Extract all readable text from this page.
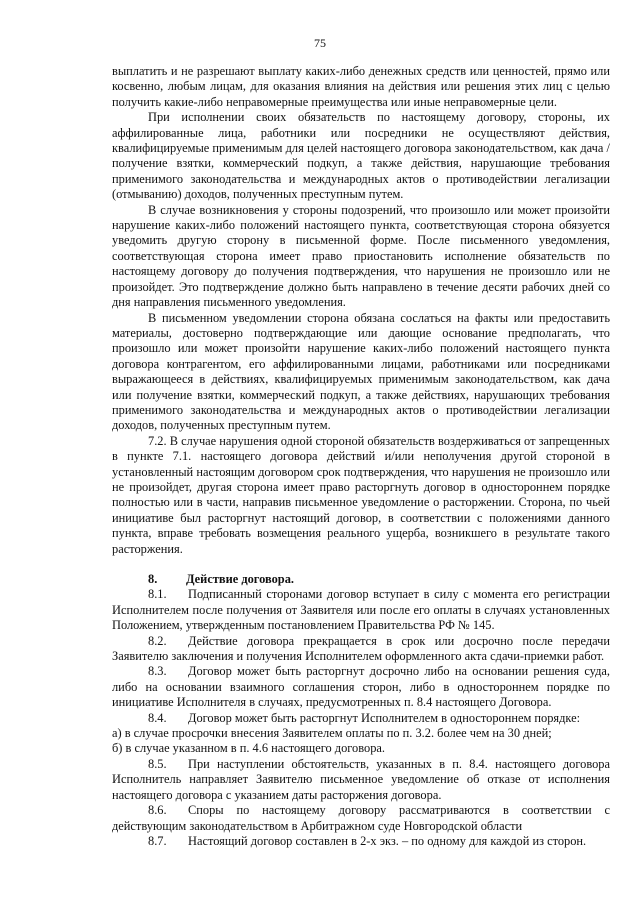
75

выплатить и не разрешают выплату каких-либо денежных средств или ценностей, прямо или косвенно, любым лицам, для оказания влияния на действия или решения этих лиц с целью получить какие-либо неправомерные преимущества или иные неправомерные цели.

При исполнении своих обязательств по настоящему договору, стороны, их аффилированные лица, работники или посредники не осуществляют действия, квалифицируемые применимым для целей настоящего договора законодательством, как дача / получение взятки, коммерческий подкуп, а также действия, нарушающие требования применимого законодательства и международных актов о противодействии легализации (отмыванию) доходов, полученных преступным путем.

В случае возникновения у стороны подозрений, что произошло или может произойти нарушение каких-либо положений настоящего пункта, соответствующая сторона обязуется уведомить другую сторону в письменной форме. После письменного уведомления, соответствующая сторона имеет право приостановить исполнение обязательств по настоящему договору до получения подтверждения, что нарушения не произошло или не произойдет. Это подтверждение должно быть направлено в течение десяти рабочих дней со дня направления письменного уведомления.

В письменном уведомлении сторона обязана сослаться на факты или предоставить материалы, достоверно подтверждающие или дающие основание предполагать, что произошло или может произойти нарушение каких-либо положений настоящего пункта договора контрагентом, его аффилированными лицами, работниками или посредниками выражающееся в действиях, квалифицируемых применимым законодательством, как дача или получение взятки, коммерческий подкуп, а также действиях, нарушающих требования применимого законодательства и международных актов о противодействии легализации доходов, полученных преступным путем.

7.2. В случае нарушения одной стороной обязательств воздерживаться от запрещенных в пункте 7.1. настоящего договора действий и/или неполучения другой стороной в установленный настоящим договором срок подтверждения, что нарушения не произошло или не произойдет, другая сторона имеет право расторгнуть договор в одностороннем порядке полностью или в части, направив письменное уведомление о расторжении. Сторона, по чьей инициативе был расторгнут настоящий договор, в соответствии с положениями данного пункта, вправе требовать возмещения реального ущерба, возникшего в результате такого расторжения.

8. Действие договора.

8.1. Подписанный сторонами договор вступает в силу с момента его регистрации Исполнителем после получения от Заявителя или после его оплаты в случаях установленных Положением, утвержденным постановлением Правительства РФ № 145.

8.2. Действие договора прекращается в срок или досрочно после передачи Заявителю заключения и получения Исполнителем оформленного акта сдачи-приемки работ.

8.3. Договор может быть расторгнут досрочно либо на основании решения суда, либо на основании взаимного соглашения сторон, либо в одностороннем порядке по инициативе Исполнителя в случаях, предусмотренных п. 8.4 настоящего Договора.

8.4. Договор может быть расторгнут Исполнителем в одностороннем порядке:

а) в случае просрочки внесения Заявителем оплаты по п. 3.2. более чем на 30 дней;

б) в случае указанном в п. 4.6 настоящего договора.

8.5. При наступлении обстоятельств, указанных в п. 8.4. настоящего договора Исполнитель направляет Заявителю письменное уведомление об отказе от исполнения настоящего договора с указанием даты расторжения договора.

8.6. Споры по настоящему договору рассматриваются в соответствии с действующим законодательством в Арбитражном суде Новгородской области

8.7. Настоящий договор составлен в 2-х экз. – по одному для каждой из сторон.
